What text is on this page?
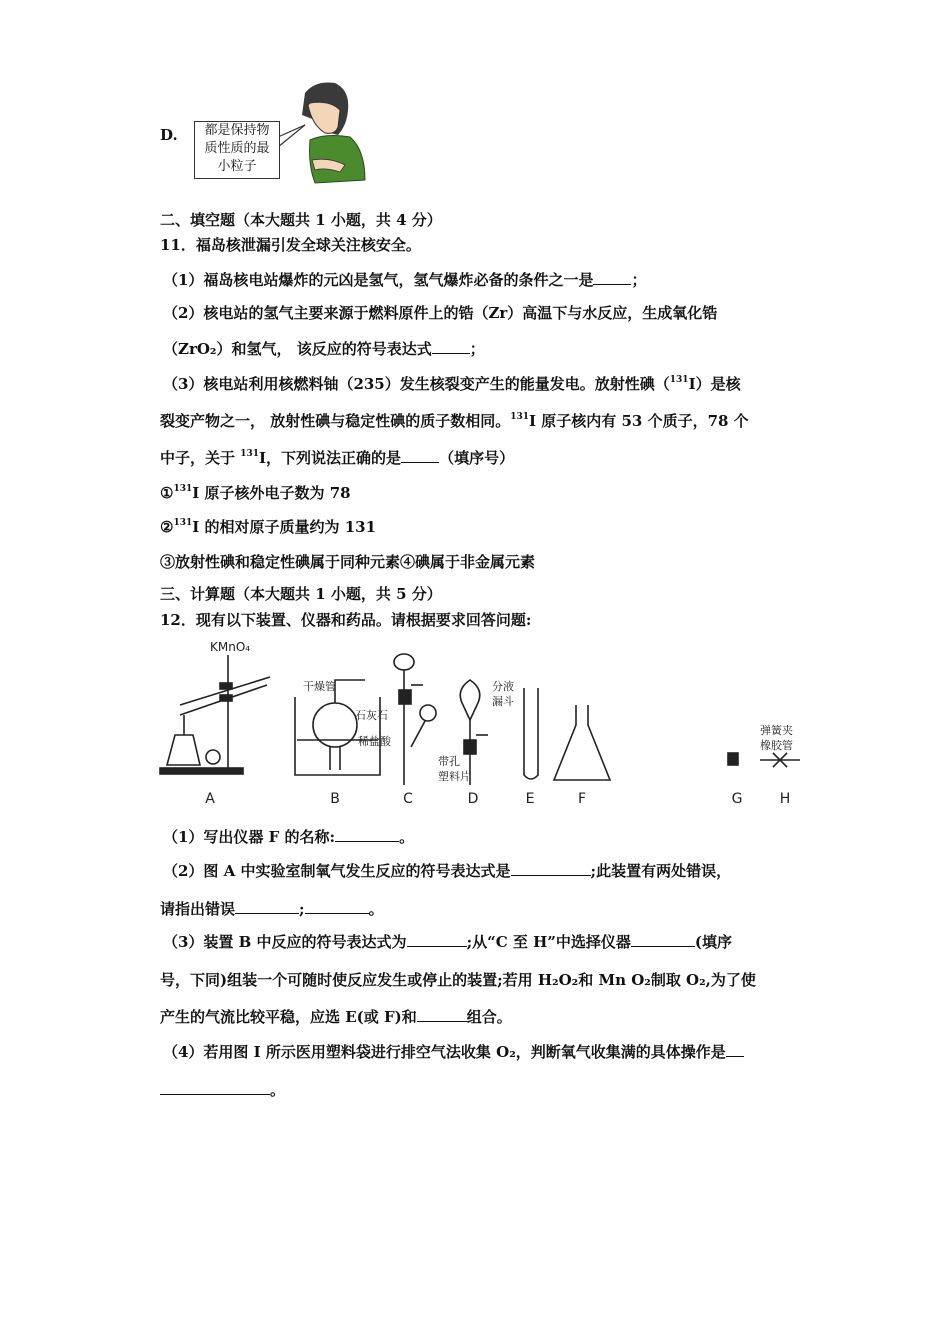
D.	都是保持物
质性质的最
小粒子
二、填空题（本大题共 1 小题，共 4 分）
11．福岛核泄漏引发全球关注核安全。
（1）福岛核电站爆炸的元凶是氢气，氢气爆炸必备的条件之一是	；
（2）核电站的氢气主要来源于燃料原件上的锆（Zr）高温下与水反应，生成氧化锆
（ZrO₂）和氢气， 该反应的符号表达式	；
（3）核电站利用核燃料铀（235）发生核裂变产生的能量发电。放射性碘（$^{131}$I）是核
裂变产物之一， 放射性碘与稳定性碘的质子数相同。$^{131}$I 原子核内有 53 个质子，78 个
中子，关于 $^{131}$I，下列说法正确的是	（填序号）
①$^{131}$I 原子核外电子数为 78
②$^{131}$I 的相对原子质量约为 131
③放射性碘和稳定性碘属于同种元素④碘属于非金属元素
三、计算题（本大题共 1 小题，共 5 分）
12．现有以下装置、仪器和药品。请根据要求回答问题:
KMnO₄
干燥管
石灰石
稀盐酸
带孔
塑料片
分液
漏斗
弹簧夹
橡胶管
A	B	C	D	E	F	G	H
（1）写出仪器 F 的名称:	。
（2）图 A 中实验室制氧气发生反应的符号表达式是	;此装置有两处错误，
请指出错误	;	。
（3）装置 B 中反应的符号表达式为	;从“C 至 H”中选择仪器	(填序
号，下同)组装一个可随时使反应发生或停止的装置;若用 H₂O₂和 Mn O₂制取 O₂,为了使
产生的气流比较平稳，应选 E(或 F)和	组合。
（4）若用图 I 所示医用塑料袋进行排空气法收集 O₂，判断氧气收集满的具体操作是
。
